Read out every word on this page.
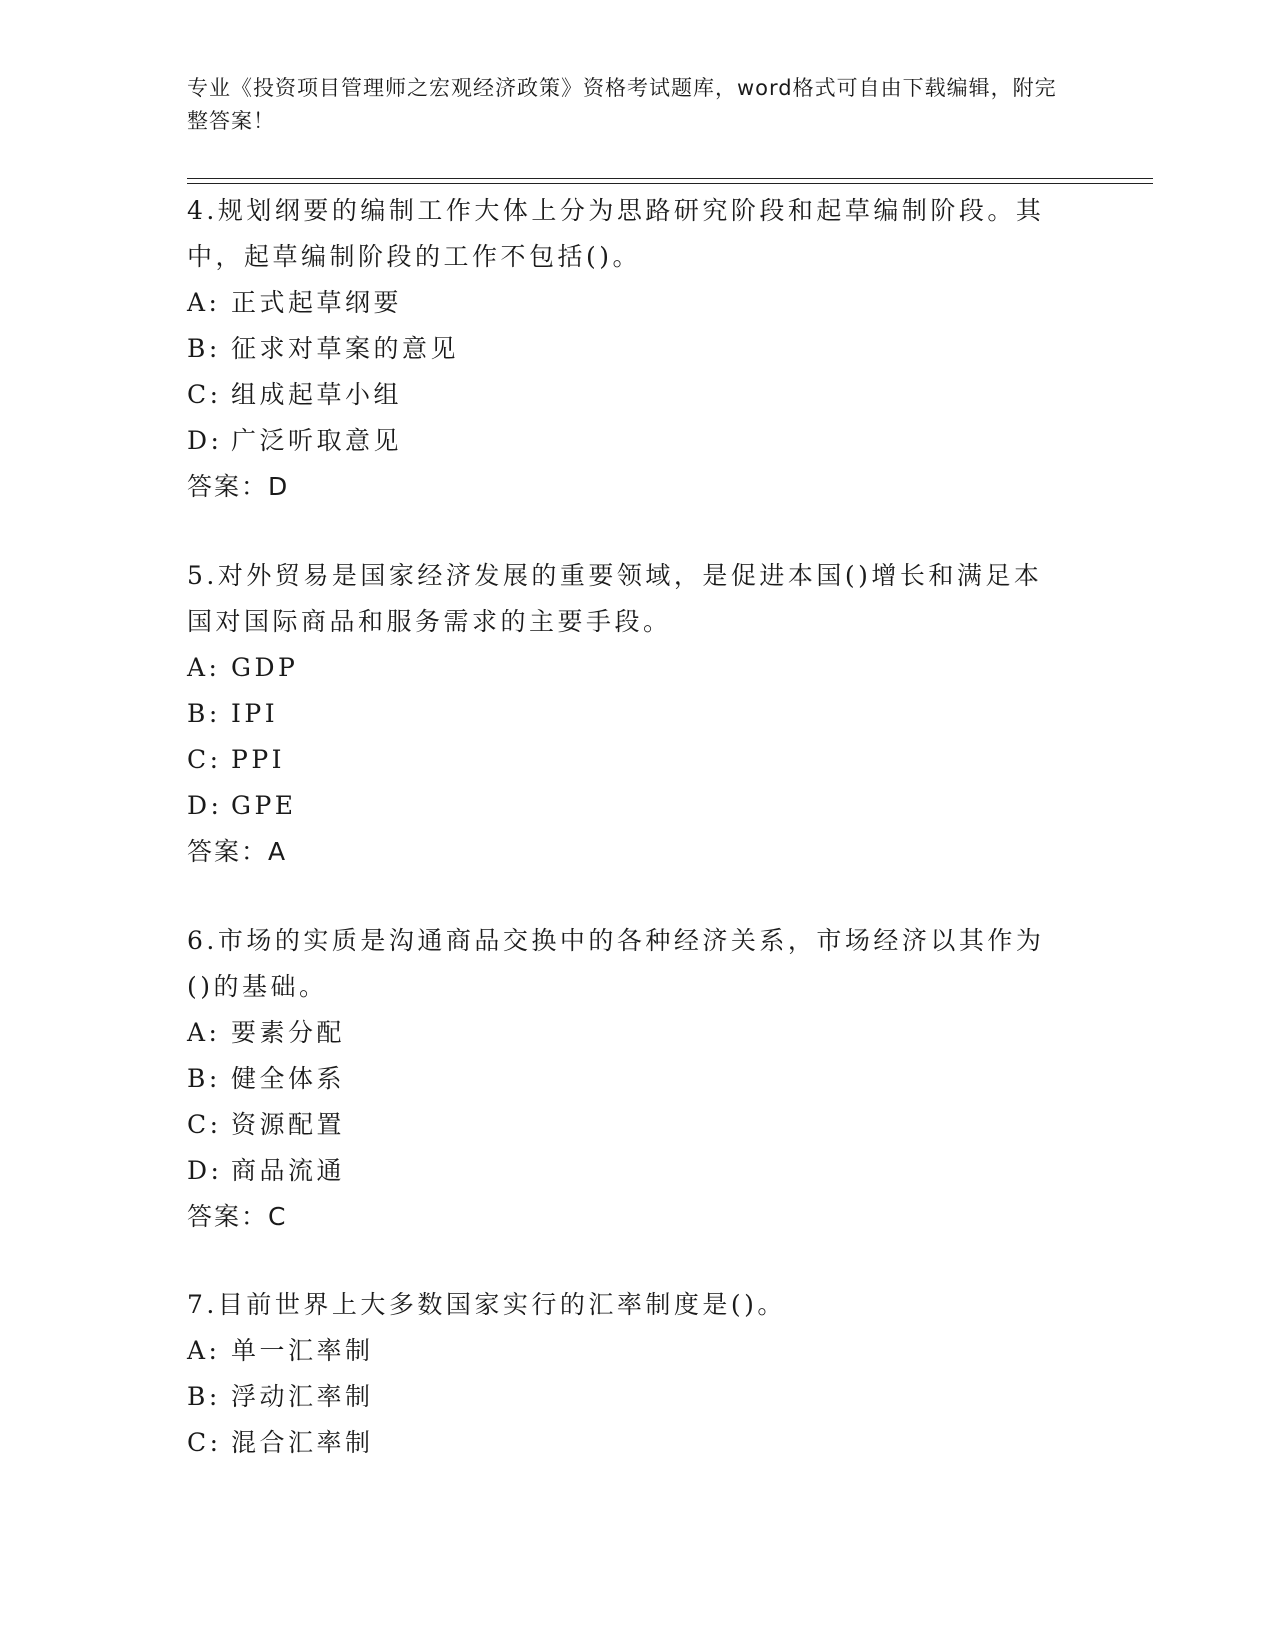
专业《投资项目管理师之宏观经济政策》资格考试题库，word格式可自由下载编辑，附完整答案！

4.规划纲要的编制工作大体上分为思路研究阶段和起草编制阶段。其中，起草编制阶段的工作不包括()。

A: 正式起草纲要
B: 征求对草案的意见
C: 组成起草小组
D: 广泛听取意见
答案：D

5.对外贸易是国家经济发展的重要领域，是促进本国()增长和满足本国对国际商品和服务需求的主要手段。

A: GDP
B: IPI
C: PPI
D: GPE
答案：A

6.市场的实质是沟通商品交换中的各种经济关系，市场经济以其作为()的基础。

A: 要素分配
B: 健全体系
C: 资源配置
D: 商品流通
答案：C

7.目前世界上大多数国家实行的汇率制度是()。

A: 单一汇率制
B: 浮动汇率制
C: 混合汇率制
